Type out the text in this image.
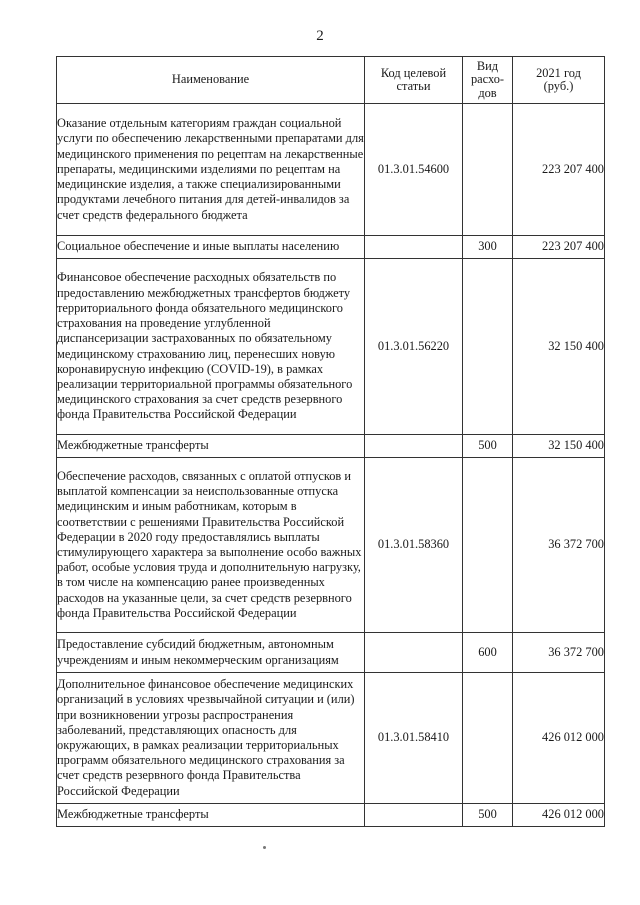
2
Наименование	Код целевой статьи	Вид расхо-дов	2021 год (руб.)
Оказание отдельным категориям граждан социальной услуги по обеспечению лекарственными препаратами для медицинского применения по рецептам на лекарственные препараты, медицинскими изделиями по рецептам на медицинские изделия, а также специализированными продуктами лечебного питания для детей-инвалидов за счет средств федерального бюджета	01.3.01.54600		223 207 400
Социальное обеспечение и иные выплаты населению		300	223 207 400
Финансовое обеспечение расходных обязательств по предоставлению межбюджетных трансфертов бюджету территориального фонда обязательного медицинского страхования на проведение углубленной диспансеризации застрахованных по обязательному медицинскому страхованию лиц, перенесших новую коронавирусную инфекцию (COVID-19), в рамках реализации территориальной программы обязательного медицинского страхования за счет средств резервного фонда Правительства Российской Федерации	01.3.01.56220		32 150 400
Межбюджетные трансферты		500	32 150 400
Обеспечение расходов, связанных с оплатой отпусков и выплатой компенсации за неиспользованные отпуска медицинским и иным работникам, которым в соответствии с решениями Правительства Российской Федерации в 2020 году предоставлялись выплаты стимулирующего характера за выполнение особо важных работ, особые условия труда и дополнительную нагрузку, в том числе на компенсацию ранее произведенных расходов на указанные цели, за счет средств резервного фонда Правительства Российской Федерации	01.3.01.58360		36 372 700
Предоставление субсидий бюджетным, автономным учреждениям и иным некоммерческим организациям		600	36 372 700
Дополнительное финансовое обеспечение медицинских организаций в условиях чрезвычайной ситуации и (или) при возникновении угрозы распространения заболеваний, представляющих опасность для окружающих, в рамках реализации территориальных программ обязательного медицинского страхования за счет средств резервного фонда Правительства Российской Федерации	01.3.01.58410		426 012 000
Межбюджетные трансферты		500	426 012 000
